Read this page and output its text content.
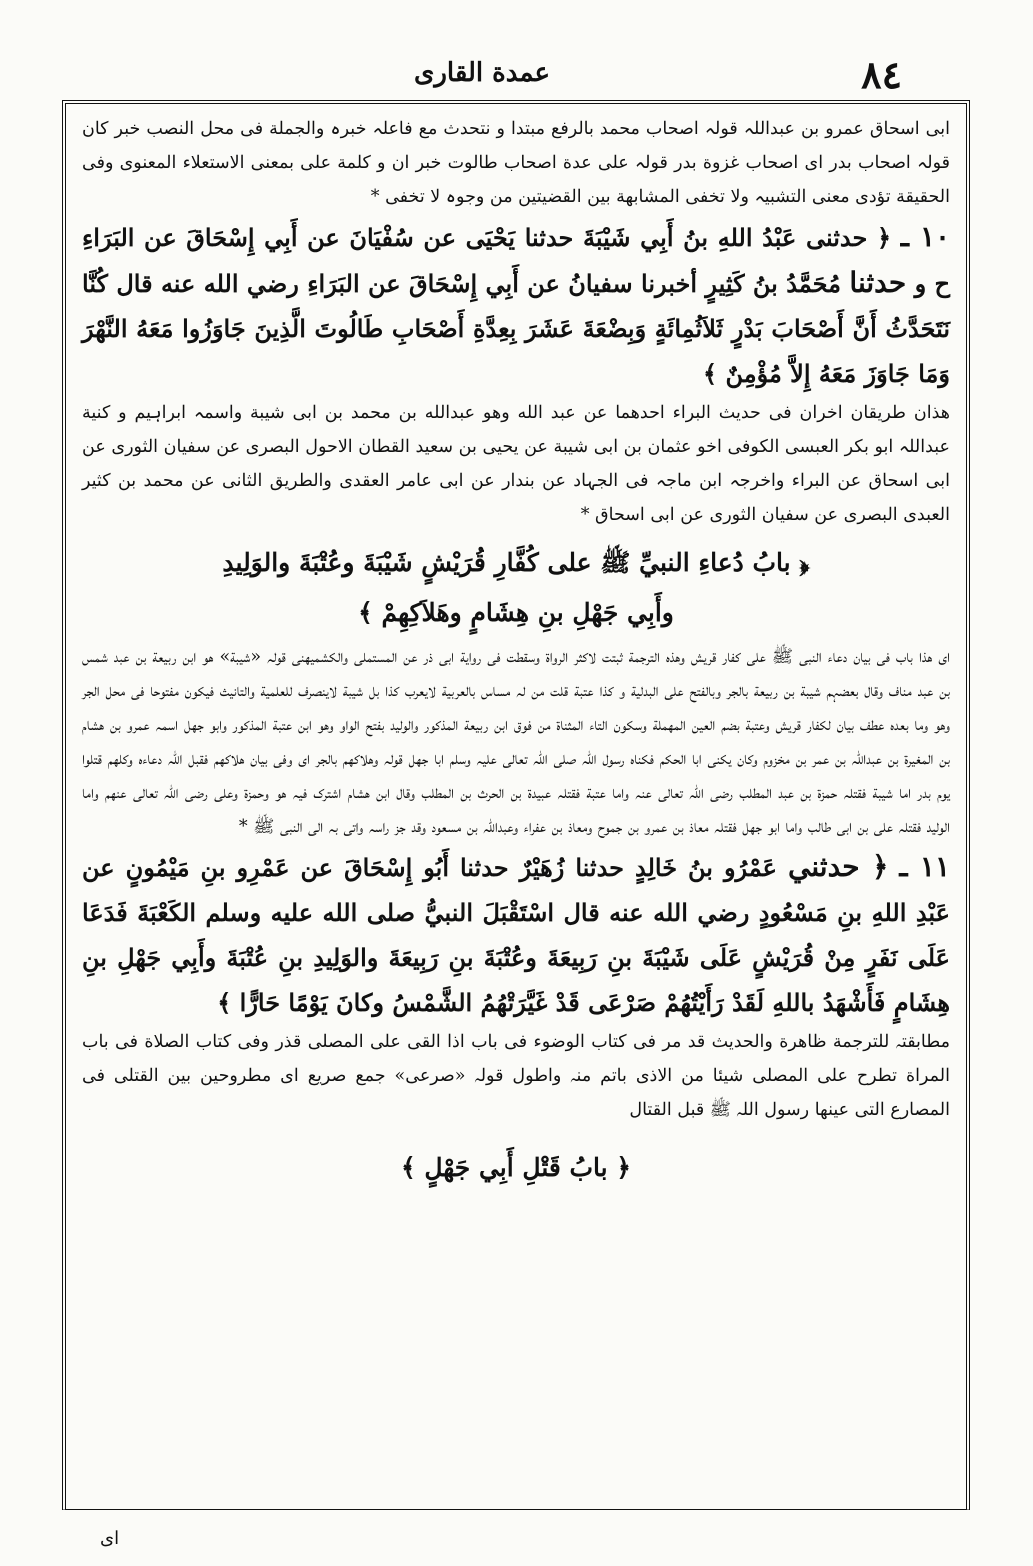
عمدة القاری	٨٤

ابی اسحاق عمرو بن عبداللہ قولہ اصحاب محمد بالرفع مبتدا و نتحدث مع فاعلہ خبرہ والجملة فی محل النصب خبر کان قولہ اصحاب بدر ای اصحاب غزوة بدر قولہ علی عدة اصحاب طالوت خبر ان و کلمة علی بمعنی الاستعلاء المعنوی وفی الحقیقة تؤدی معنی التشبیہ ولا تخفی المشابهة بین القضیتین من وجوہ لا تخفی *

١٠ ـ ﴿ حدثنی عَبْدُ اللهِ بنُ أَبِي شَيْبَةَ حدثنا يَحْيَى عن سُفْيَانَ عن أَبِي إِسْحَاقَ عن البَرَاءِ ح و حدثنا مُحَمَّدُ بنُ كَثِيرٍ أخبرنا سفيانُ عن أَبِي إِسْحَاقَ عن البَرَاءِ رضي الله عنه قال كُنَّا نَتَحَدَّثُ أَنَّ أَصْحَابَ بَدْرٍ ثَلاَثُمِائَةٍ وَبِضْعَةَ عَشَرَ بِعِدَّةِ أَصْحَابِ طَالُوتَ الَّذِينَ جَاوَزُوا مَعَهُ النَّهْرَ وَمَا جَاوَزَ مَعَهُ إِلاَّ مُؤْمِنٌ ﴾

هذان طریقان اخران فی حدیث البراء احدهما عن عبد الله وهو عبدالله بن محمد بن ابی شیبة واسمہ ابراہیم و کنیة عبداللہ ابو بکر العبسی الکوفی اخو عثمان بن ابی شیبة عن یحیی بن سعید القطان الاحول البصری عن سفیان الثوری عن ابی اسحاق عن البراء واخرجہ ابن ماجہ فی الجہاد عن بندار عن ابی عامر العقدی والطریق الثانی عن محمد بن کثیر العبدی البصری عن سفیان الثوری عن ابی اسحاق *

﴿ بابُ دُعاءِ النبيِّ ﷺ على كُفَّارِ قُرَيْشٍ شَيْبَةَ وعُتْبَةَ والوَلِيدِ

وأَبِي جَهْلِ بنِ هِشَامٍ وهَلاَكِهِمْ ﴾

ای هذا باب فی بیان دعاء النبی ﷺ علی کفار قریش وهذہ الترجمة ثبتت لاکثر الرواة وسقطت فی روایة ابی ذر عن المستملی والکشمیهنی قولہ «شیبة» هو ابن ربیعة بن عبد شمس بن عبد مناف وقال بعضہم شیبة بن ربیعة بالجر وبالفتح علی البدلیة و کذا عتبة قلت من لہ مساس بالعربیة لایعرب کذا بل شیبة لاینصرف للعلمیة والتانیث فیکون مفتوحا فی محل الجر وهو وما بعدہ عطف بیان لکفار قریش وعتبة بضم العین المهملة وسکون التاء المثناة من فوق ابن ربیعة المذکور والولید بفتح الواو وهو ابن عتبة المذکور وابو جهل اسمہ عمرو بن هشام بن المغیرة بن عبداللہ بن عمر بن مخزوم وکان یکنی ابا الحکم فکناہ رسول اللہ صلی اللہ تعالی علیہ وسلم ابا جهل قولہ وهلاکهم بالجر ای وفی بیان هلاکهم فقبل اللہ دعاءہ وکلهم قتلوا یوم بدر اما شیبة فقتلہ حمزة بن عبد المطلب رضی اللہ تعالی عنہ واما عتبة فقتلہ عبیدة بن الحرث بن المطلب وقال ابن هشام اشترک فیہ هو وحمزة وعلی رضی اللہ تعالی عنهم واما الولید فقتلہ علی بن ابی طالب واما ابو جهل فقتلہ معاذ بن عمرو بن جموح ومعاذ بن عفراء وعبداللہ بن مسعود وقد جز راسہ واتی بہ الی النبی ﷺ *

١١ ـ ﴿ حدثني عَمْرُو بنُ خَالِدٍ حدثنا زُهَيْرٌ حدثنا أَبُو إِسْحَاقَ عن عَمْرِو بنِ مَيْمُونٍ عن عَبْدِ اللهِ بنِ مَسْعُودٍ رضي الله عنه قال اسْتَقْبَلَ النبيُّ صلى الله عليه وسلم الكَعْبَةَ فَدَعَا عَلَى نَفَرٍ مِنْ قُرَيْشٍ عَلَى شَيْبَةَ بنِ رَبِيعَةَ وعُتْبَةَ بنِ رَبِيعَةَ والوَلِيدِ بنِ عُتْبَةَ وأَبِي جَهْلِ بنِ هِشَامٍ فَأَشْهَدُ باللهِ لَقَدْ رَأَيْتُهُمْ صَرْعَى قَدْ غَيَّرَتْهُمُ الشَّمْسُ وكانَ يَوْمًا حَارًّا ﴾

مطابقتہ للترجمة ظاهرة والحدیث قد مر فی کتاب الوضوء فی باب اذا القی علی المصلی قذر وفی کتاب الصلاة فی باب المراة تطرح علی المصلی شیئا من الاذی باتم منہ واطول قولہ «صرعی» جمع صریع ای مطروحین بین القتلی فی المصارع التی عینها رسول اللہ ﷺ قبل القتال

﴿ بابُ قَتْلِ أَبِي جَهْلٍ ﴾

ای
